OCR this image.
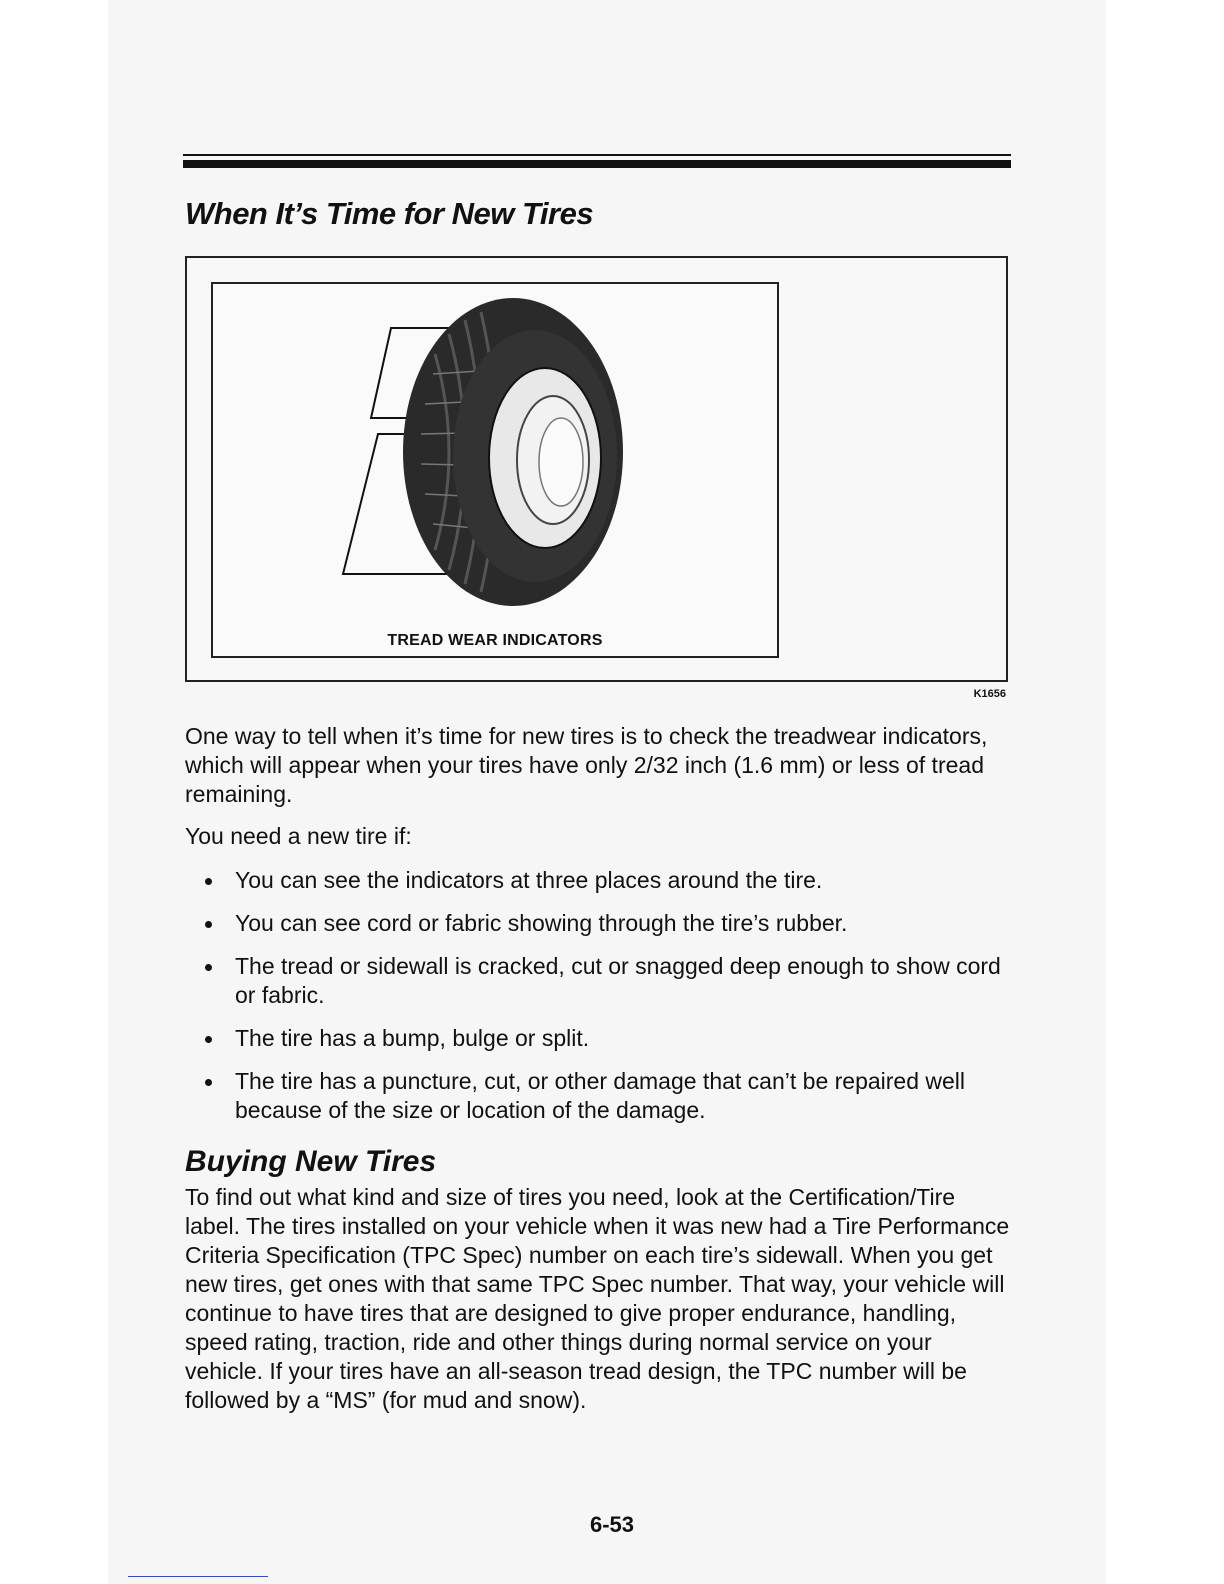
When It’s Time for New Tires
TREAD WEAR INDICATORS
K1656

One way to tell when it’s time for new tires is to check the treadwear indicators, which will appear when your tires have only 2/32 inch (1.6 mm) or less of tread remaining.

You need a new tire if:

You can see the indicators at three places around the tire.
You can see cord or fabric showing through the tire’s rubber.
The tread or sidewall is cracked, cut or snagged deep enough to show cord or fabric.
The tire has a bump, bulge or split.
The tire has a puncture, cut, or other damage that can’t be repaired well because of the size or location of the damage.
Buying New Tires

To find out what kind and size of tires you need, look at the Certification/Tire label. The tires installed on your vehicle when it was new had a Tire Performance Criteria Specification (TPC Spec) number on each tire’s sidewall. When you get new tires, get ones with that same TPC Spec number. That way, your vehicle will continue to have tires that are designed to give proper endurance, handling, speed rating, traction, ride and other things during normal service on your vehicle. If your tires have an all-season tread design, the TPC number will be followed by a “MS” (for mud and snow).

6-53
